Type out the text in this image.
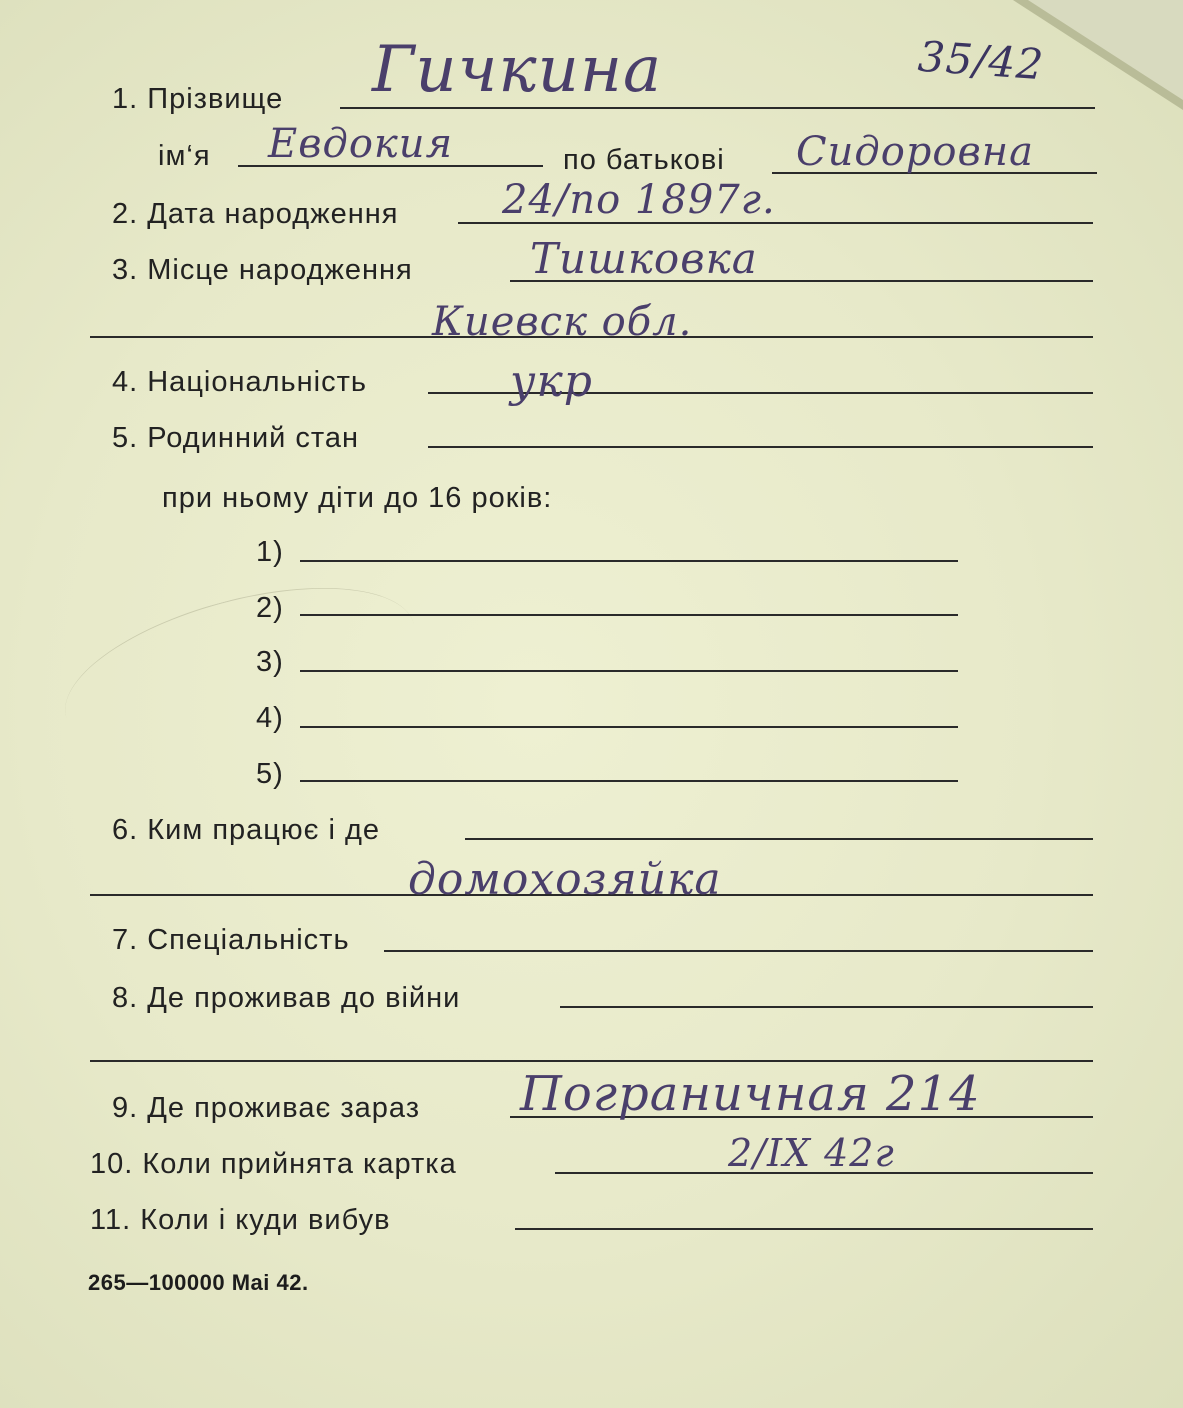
35/42
1. Прізвище Гичкина
ім‘я Евдокия	по батькові Сидоровна
2. Дата народження	24/по 1897г.
3. Місце народження	Тишковка
Киевск обл.
4. Національність	укр
5. Родинний стан
при ньому діти до 16 років:
1)
2)
3)
4)
5)
6. Ким працює і де
домохозяйка
7. Спеціальність
8. Де проживав до війни
9. Де проживає зараз Пограничная 214
10. Коли прийнята картка	2/IX 42г
11. Коли і куди вибув
265—100000 Mai 42.
